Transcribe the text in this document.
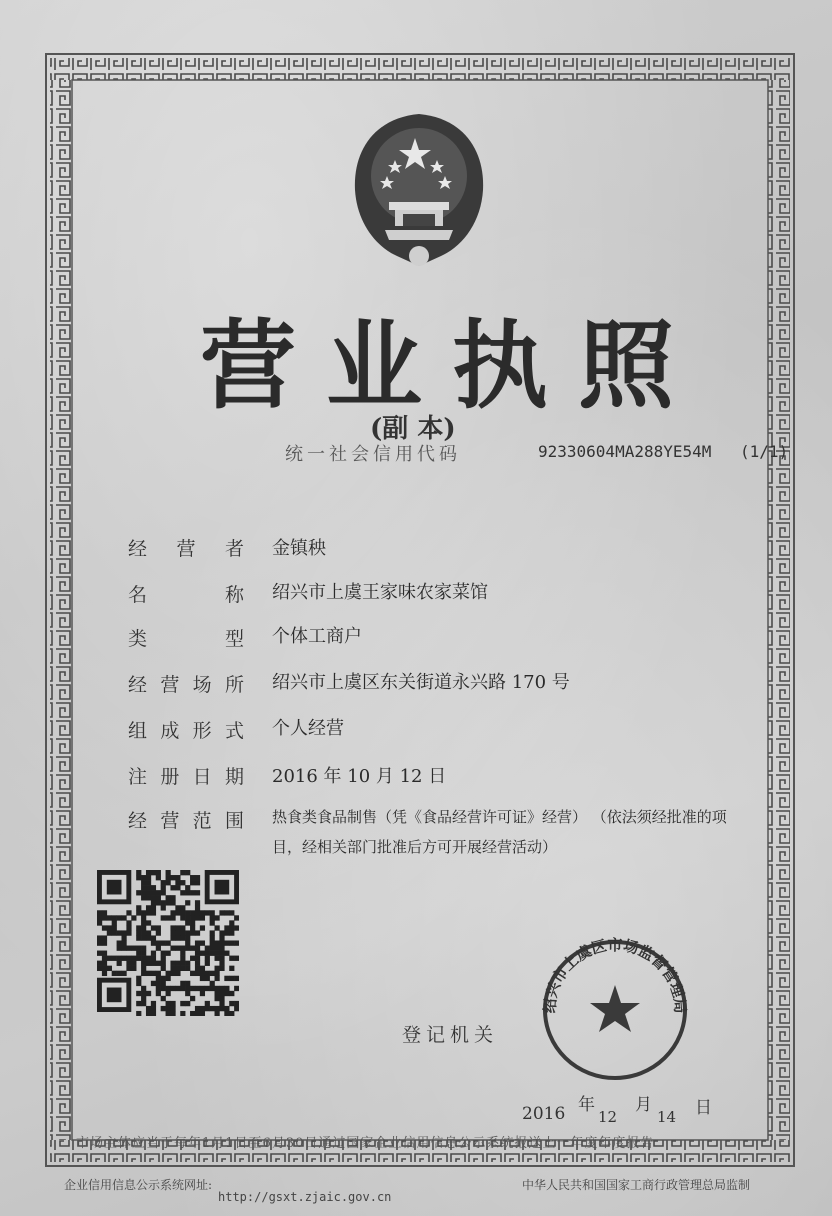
营业执照
(副 本)
统一社会信用代码	92330604MA288YE54M (1/1)
经营者 金镇秧
名称 绍兴市上虞王家味农家菜馆
类型 个体工商户
经营场所 绍兴市上虞区东关街道永兴路 170 号
组成形式 个人经营
注册日期 2016 年 10 月 12 日
经营范围 热食类食品制售（凭《食品经营许可证》经营） （依法须经批准的项目，经相关部门批准后方可开展经营活动）
登记机关
绍兴市上虞区市场监督管理局
2016 年
12
月
14 日
市场主体应当于每年1月1日至6月30日通过国家企业信用信息公示系统报送上一年度年度报告
企业信用信息公示系统网址:
http://gsxt.zjaic.gov.cn
中华人民共和国国家工商行政管理总局监制
